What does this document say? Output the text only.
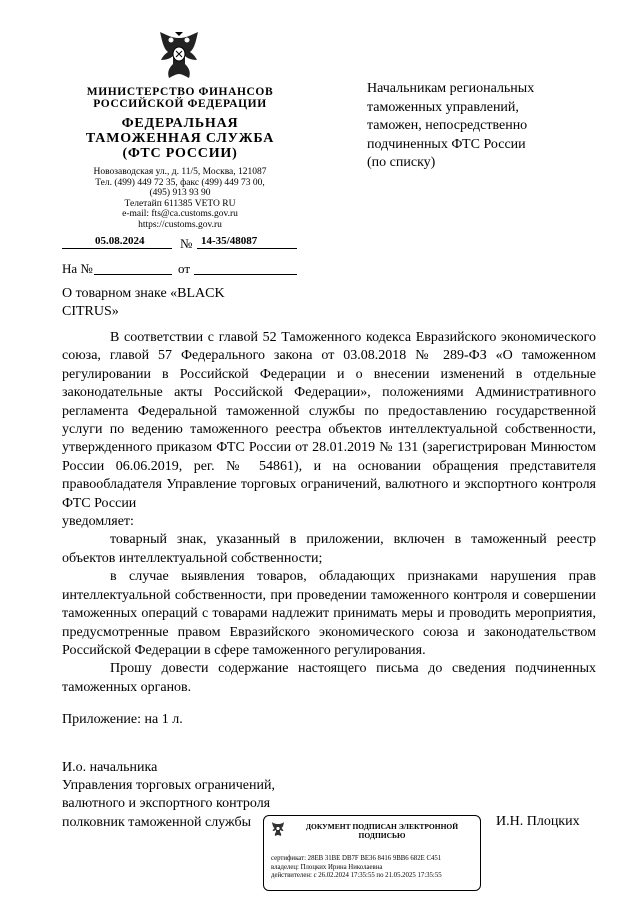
МИНИСТЕРСТВО ФИНАНСОВ
РОССИЙСКОЙ ФЕДЕРАЦИИ
ФЕДЕРАЛЬНАЯ
ТАМОЖЕННАЯ СЛУЖБА
(ФТС РОССИИ)
Новозаводская ул., д. 11/5, Москва, 121087
Тел. (499) 449 72 35, факс (499) 449 73 00,
(495) 913 93 90
Телетайп 611385 VETO RU
e-mail: fts@ca.customs.gov.ru
https://customs.gov.ru
Начальникам региональных
таможенных управлений,
таможен, непосредственно
подчиненных ФТС России
(по списку)
05.08.2024	№ 14-35/48087
На №	от
О товарном знаке «BLACK
CITRUS»

В соответствии с главой 52 Таможенного кодекса Евразийского экономического союза, главой 57 Федерального закона от 03.08.2018 № 289-ФЗ «О таможенном регулировании в Российской Федерации и о внесении изменений в отдельные законодательные акты Российской Федерации», положениями Административного регламента Федеральной таможенной службы по предоставлению государственной услуги по ведению таможенного реестра объектов интеллектуальной собственности, утвержденного приказом ФТС России от 28.01.2019 № 131 (зарегистрирован Минюстом России 06.06.2019, рег. № 54861), и на основании обращения представителя правообладателя Управление торговых ограничений, валютного и экспортного контроля ФТС России

уведомляет:

товарный знак, указанный в приложении, включен в таможенный реестр объектов интеллектуальной собственности;

в случае выявления товаров, обладающих признаками нарушения прав интеллектуальной собственности, при проведении таможенного контроля и совершении таможенных операций с товарами надлежит принимать меры и проводить мероприятия, предусмотренные правом Евразийского экономического союза и законодательством Российской Федерации в сфере таможенного регулирования.

Прошу довести содержание настоящего письма до сведения подчиненных таможенных органов.

Приложение: на 1 л.
И.о. начальника
Управления торговых ограничений,
валютного и экспортного контроля
полковник таможенной службы	И.Н. Плоцких
ДОКУМЕНТ ПОДПИСАН ЭЛЕКТРОННОЙ
ПОДПИСЬЮ
сертификат: 28EB 31BE DB7F BE36 8416 9BB6 682E C451
владелец: Плоцких Ирина Николаевна
действителен: с 26.02.2024 17:35:55 по 21.05.2025 17:35:55
